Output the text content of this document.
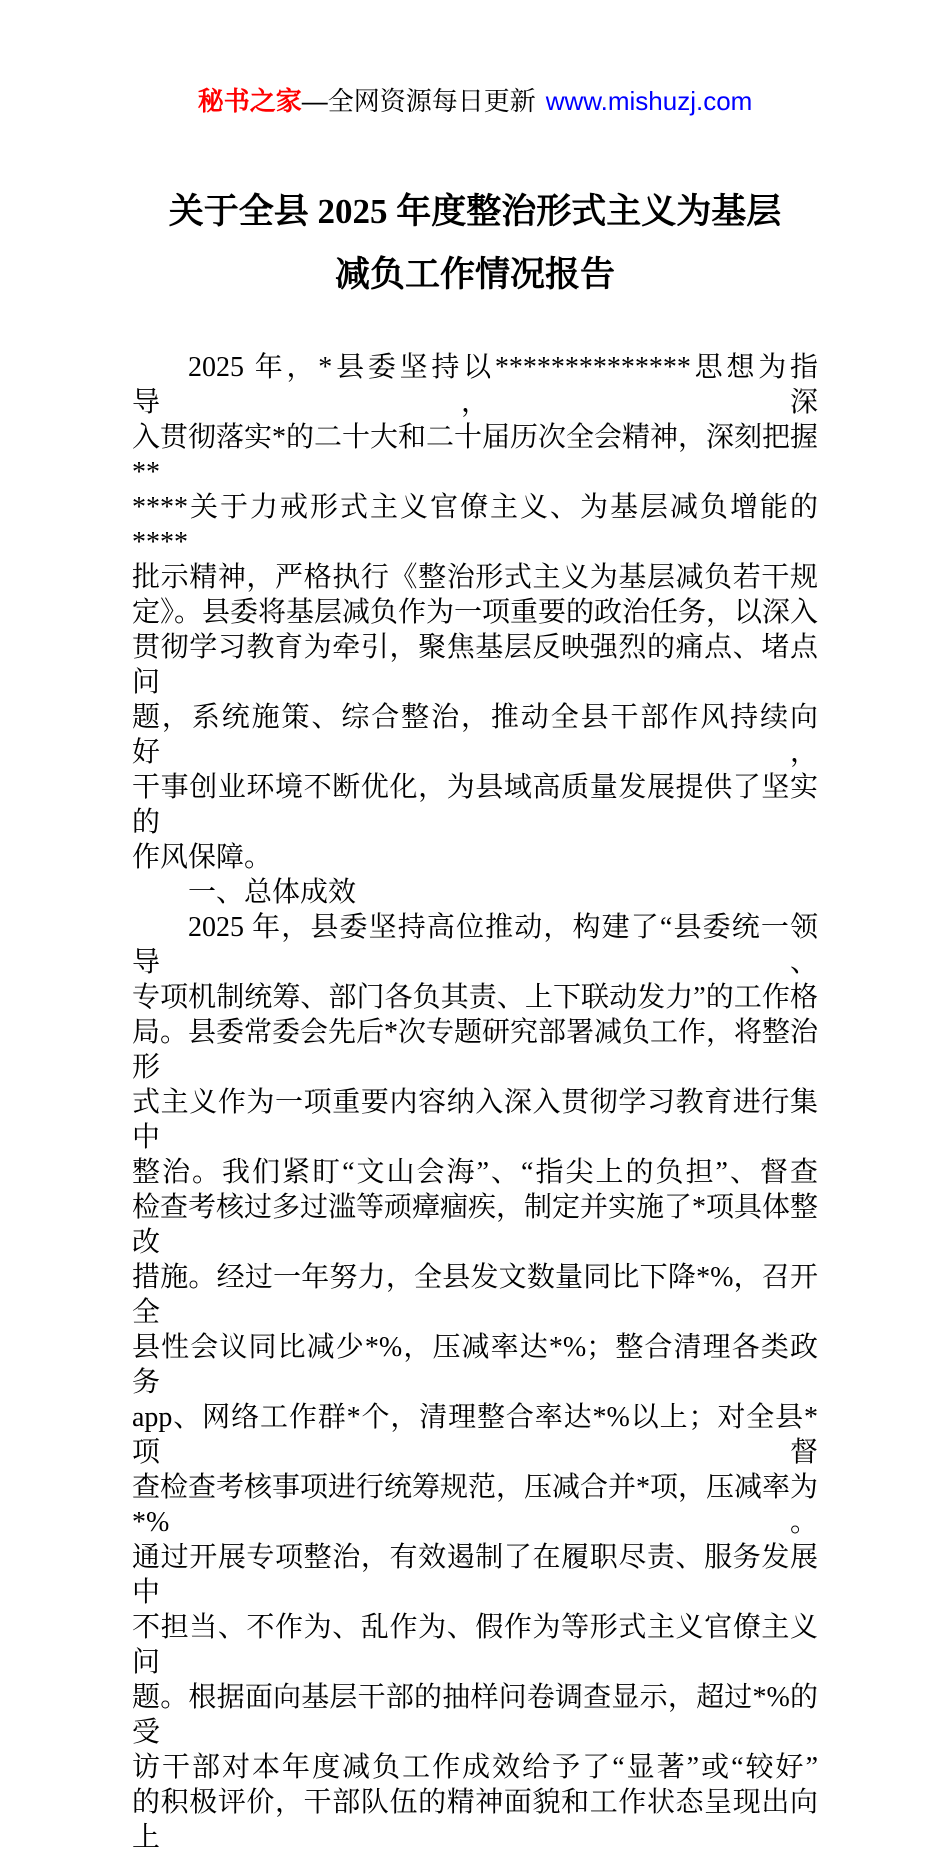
秘书之家—全网资源每日更新 www.mishuzj.com
关于全县 2025 年度整治形式主义为基层
减负工作情况报告
2025 年，*县委坚持以**************思想为指导，深
入贯彻落实*的二十大和二十届历次全会精神，深刻把握**
****关于力戒形式主义官僚主义、为基层减负增能的****
批示精神，严格执行《整治形式主义为基层减负若干规
定》。县委将基层减负作为一项重要的政治任务，以深入
贯彻学习教育为牵引，聚焦基层反映强烈的痛点、堵点问
题，系统施策、综合整治，推动全县干部作风持续向好，
干事创业环境不断优化，为县域高质量发展提供了坚实的
作风保障。
一、总体成效
2025 年，县委坚持高位推动，构建了“县委统一领导、
专项机制统筹、部门各负其责、上下联动发力”的工作格
局。县委常委会先后*次专题研究部署减负工作，将整治形
式主义作为一项重要内容纳入深入贯彻学习教育进行集中
整治。我们紧盯“文山会海”、“指尖上的负担”、督查
检查考核过多过滥等顽瘴痼疾，制定并实施了*项具体整改
措施。经过一年努力，全县发文数量同比下降*%，召开全
县性会议同比减少*%，压减率达*%；整合清理各类政务
app、网络工作群*个，清理整合率达*%以上；对全县*项督
查检查考核事项进行统筹规范，压减合并*项，压减率为*%。
通过开展专项整治，有效遏制了在履职尽责、服务发展中
不担当、不作为、乱作为、假作为等形式主义官僚主义问
题。根据面向基层干部的抽样问卷调查显示，超过*%的受
访干部对本年度减负工作成效给予了“显著”或“较好”
的积极评价，干部队伍的精神面貌和工作状态呈现出向上
